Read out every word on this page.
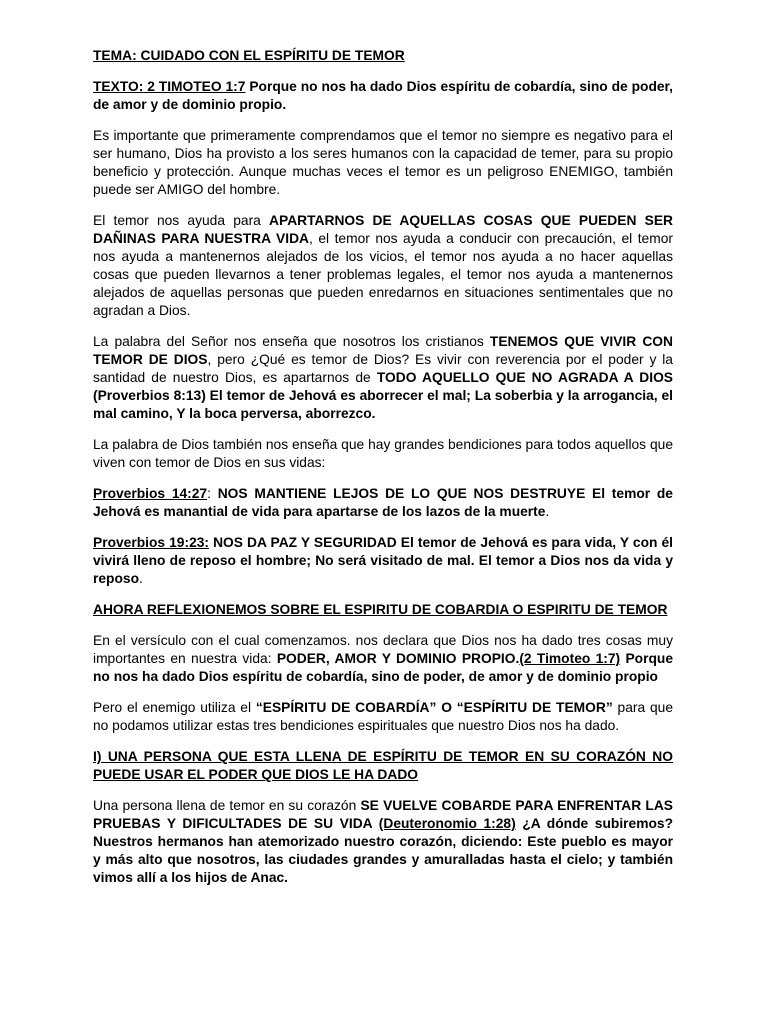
TEMA: CUIDADO CON EL ESPÍRITU DE TEMOR

TEXTO: 2 TIMOTEO 1:7 Porque no nos ha dado Dios espíritu de cobardía, sino de poder, de amor y de dominio propio.

Es importante que primeramente comprendamos que el temor no siempre es negativo para el ser humano, Dios ha provisto a los seres humanos con la capacidad de temer, para su propio beneficio y protección. Aunque muchas veces el temor es un peligroso ENEMIGO, también puede ser AMIGO del hombre.

El temor nos ayuda para APARTARNOS DE AQUELLAS COSAS QUE PUEDEN SER DAÑINAS PARA NUESTRA VIDA, el temor nos ayuda a conducir con precaución, el temor nos ayuda a mantenernos alejados de los vicios, el temor nos ayuda a no hacer aquellas cosas que pueden llevarnos a tener problemas legales, el temor nos ayuda a mantenernos alejados de aquellas personas que pueden enredarnos en situaciones sentimentales que no agradan a Dios.

La palabra del Señor nos enseña que nosotros los cristianos TENEMOS QUE VIVIR CON TEMOR DE DIOS, pero ¿Qué es temor de Dios? Es vivir con reverencia por el poder y la santidad de nuestro Dios, es apartarnos de TODO AQUELLO QUE NO AGRADA A DIOS (Proverbios 8:13) El temor de Jehová es aborrecer el mal; La soberbia y la arrogancia, el mal camino, Y la boca perversa, aborrezco.

La palabra de Dios también nos enseña que hay grandes bendiciones para todos aquellos que viven con temor de Dios en sus vidas:

Proverbios 14:27: NOS MANTIENE LEJOS DE LO QUE NOS DESTRUYE El temor de Jehová es manantial de vida para apartarse de los lazos de la muerte.

Proverbios 19:23: NOS DA PAZ Y SEGURIDAD El temor de Jehová es para vida, Y con él vivirá lleno de reposo el hombre; No será visitado de mal. El temor a Dios nos da vida y reposo.

AHORA REFLEXIONEMOS SOBRE EL ESPIRITU DE COBARDIA O ESPIRITU DE TEMOR

En el versículo con el cual comenzamos. nos declara que Dios nos ha dado tres cosas muy importantes en nuestra vida: PODER, AMOR Y DOMINIO PROPIO.(2 Timoteo 1:7) Porque no nos ha dado Dios espíritu de cobardía, sino de poder, de amor y de dominio propio

Pero el enemigo utiliza el “ESPÍRITU DE COBARDÍA” O “ESPÍRITU DE TEMOR” para que no podamos utilizar estas tres bendiciones espirituales que nuestro Dios nos ha dado.

I) UNA PERSONA QUE ESTA LLENA DE ESPÍRITU DE TEMOR EN SU CORAZÓN NO PUEDE USAR EL PODER QUE DIOS LE HA DADO

Una persona llena de temor en su corazón SE VUELVE COBARDE PARA ENFRENTAR LAS PRUEBAS Y DIFICULTADES DE SU VIDA (Deuteronomio 1:28) ¿A dónde subiremos? Nuestros hermanos han atemorizado nuestro corazón, diciendo: Este pueblo es mayor y más alto que nosotros, las ciudades grandes y amuralladas hasta el cielo; y también vimos allí a los hijos de Anac.
